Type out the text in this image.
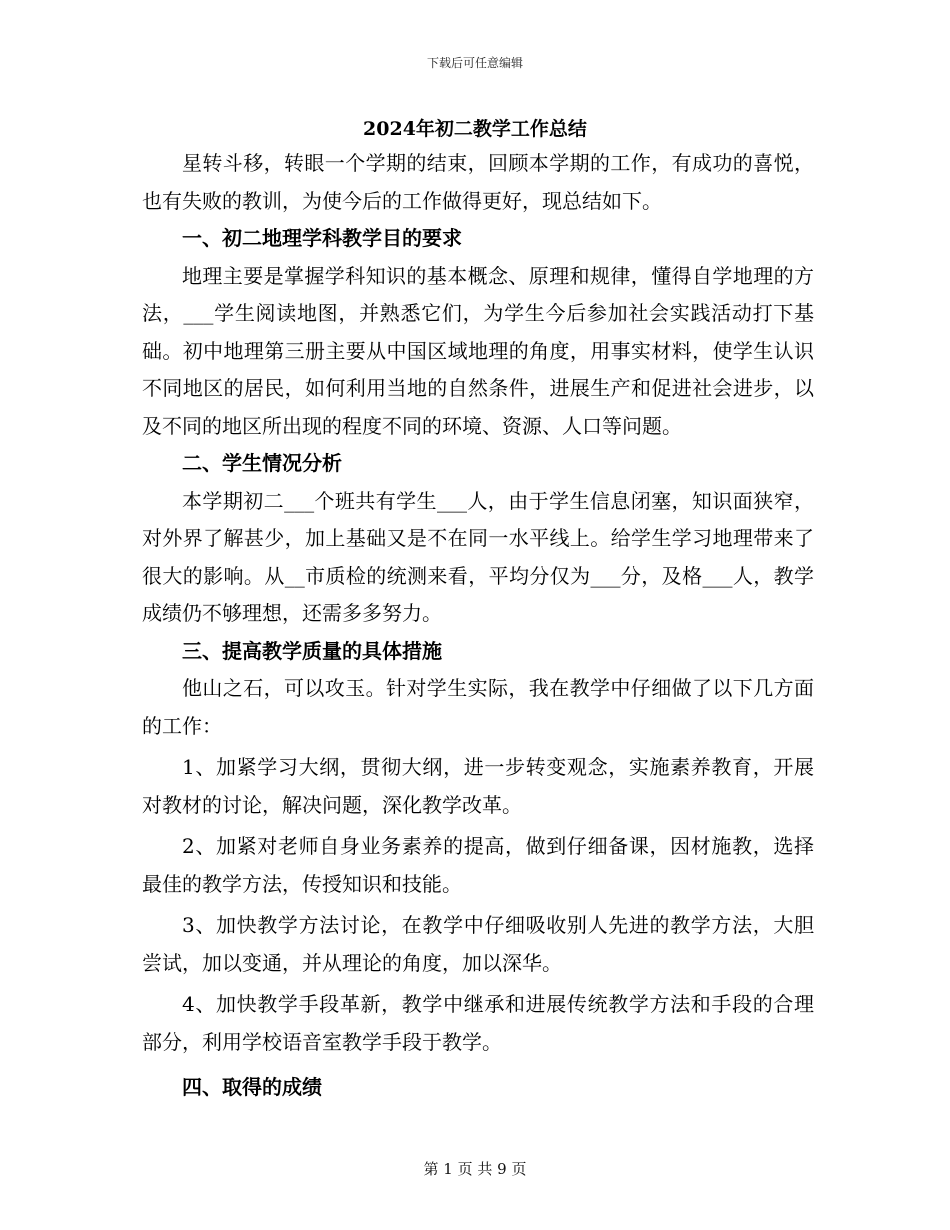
下载后可任意编辑
2024年初二教学工作总结

星转斗移，转眼一个学期的结束，回顾本学期的工作，有成功的喜悦，也有失败的教训，为使今后的工作做得更好，现总结如下。

一、初二地理学科教学目的要求

地理主要是掌握学科知识的基本概念、原理和规律，懂得自学地理的方法，___学生阅读地图，并熟悉它们，为学生今后参加社会实践活动打下基础。初中地理第三册主要从中国区域地理的角度，用事实材料，使学生认识不同地区的居民，如何利用当地的自然条件，进展生产和促进社会进步，以及不同的地区所出现的程度不同的环境、资源、人口等问题。

二、学生情况分析

本学期初二___个班共有学生___人，由于学生信息闭塞，知识面狭窄，对外界了解甚少，加上基础又是不在同一水平线上。给学生学习地理带来了很大的影响。从__市质检的统测来看，平均分仅为___分，及格___人，教学成绩仍不够理想，还需多多努力。

三、提高教学质量的具体措施

他山之石，可以攻玉。针对学生实际，我在教学中仔细做了以下几方面的工作：

1、加紧学习大纲，贯彻大纲，进一步转变观念，实施素养教育，开展对教材的讨论，解决问题，深化教学改革。

2、加紧对老师自身业务素养的提高，做到仔细备课，因材施教，选择最佳的教学方法，传授知识和技能。

3、加快教学方法讨论，在教学中仔细吸收别人先进的教学方法，大胆尝试，加以变通，并从理论的角度，加以深华。

4、加快教学手段革新，教学中继承和进展传统教学方法和手段的合理部分，利用学校语音室教学手段于教学。

四、取得的成绩
第 1 页 共 9 页
